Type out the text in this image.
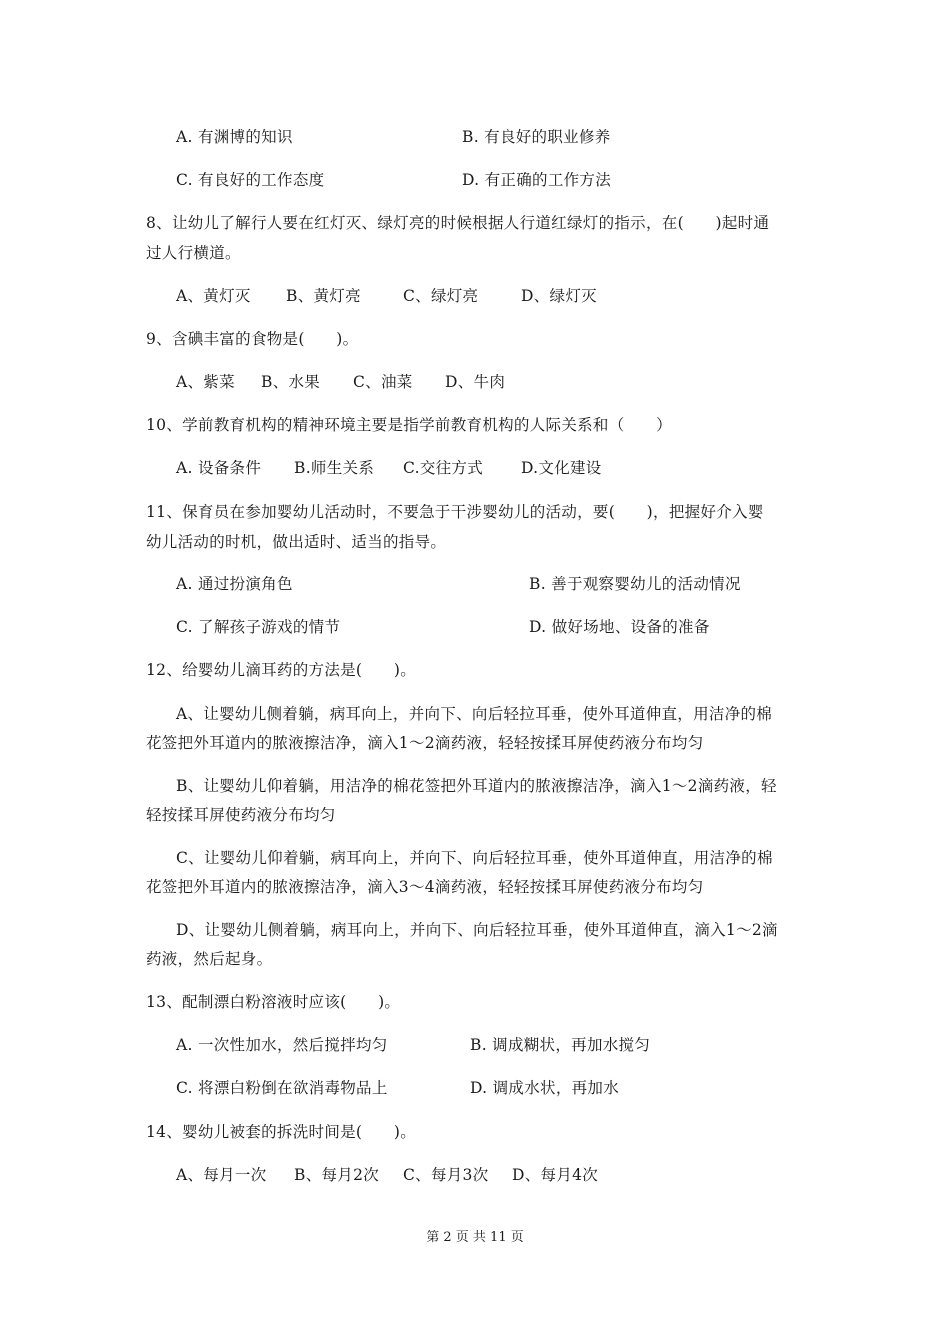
A. 有渊博的知识	B. 有良好的职业修养
C. 有良好的工作态度	D. 有正确的工作方法
8、让幼儿了解行人要在红灯灭、绿灯亮的时候根据人行道红绿灯的指示，在(　　)起时通
过人行横道。
A、黄灯灭 B、黄灯亮	C、绿灯亮	D、绿灯灭
9、含碘丰富的食物是(　　)。
A、紫菜 B、水果 C、油菜 D、牛肉
10、学前教育机构的精神环境主要是指学前教育机构的人际关系和（　　）
A. 设备条件 B.师生关系 C.交往方式 D.文化建设
11、保育员在参加婴幼儿活动时，不要急于干涉婴幼儿的活动，要(　　)，把握好介入婴
幼儿活动的时机，做出适时、适当的指导。
A. 通过扮演角色	B. 善于观察婴幼儿的活动情况
C. 了解孩子游戏的情节	D. 做好场地、设备的准备
12、给婴幼儿滴耳药的方法是(　　)。
A、让婴幼儿侧着躺，病耳向上，并向下、向后轻拉耳垂，使外耳道伸直，用洁净的棉
花签把外耳道内的脓液擦洁净，滴入1～2滴药液，轻轻按揉耳屏使药液分布均匀
B、让婴幼儿仰着躺，用洁净的棉花签把外耳道内的脓液擦洁净，滴入1～2滴药液，轻
轻按揉耳屏使药液分布均匀
C、让婴幼儿仰着躺，病耳向上，并向下、向后轻拉耳垂，使外耳道伸直，用洁净的棉
花签把外耳道内的脓液擦洁净，滴入3～4滴药液，轻轻按揉耳屏使药液分布均匀
D、让婴幼儿侧着躺，病耳向上，并向下、向后轻拉耳垂，使外耳道伸直，滴入1～2滴
药液，然后起身。
13、配制漂白粉溶液时应该(　　)。
A. 一次性加水，然后搅拌均匀	B. 调成糊状，再加水搅匀
C. 将漂白粉倒在欲消毒物品上	D. 调成水状，再加水
14、婴幼儿被套的拆洗时间是(　　)。
A、每月一次 B、每月2次 C、每月3次 D、每月4次
第 2 页 共 11 页
